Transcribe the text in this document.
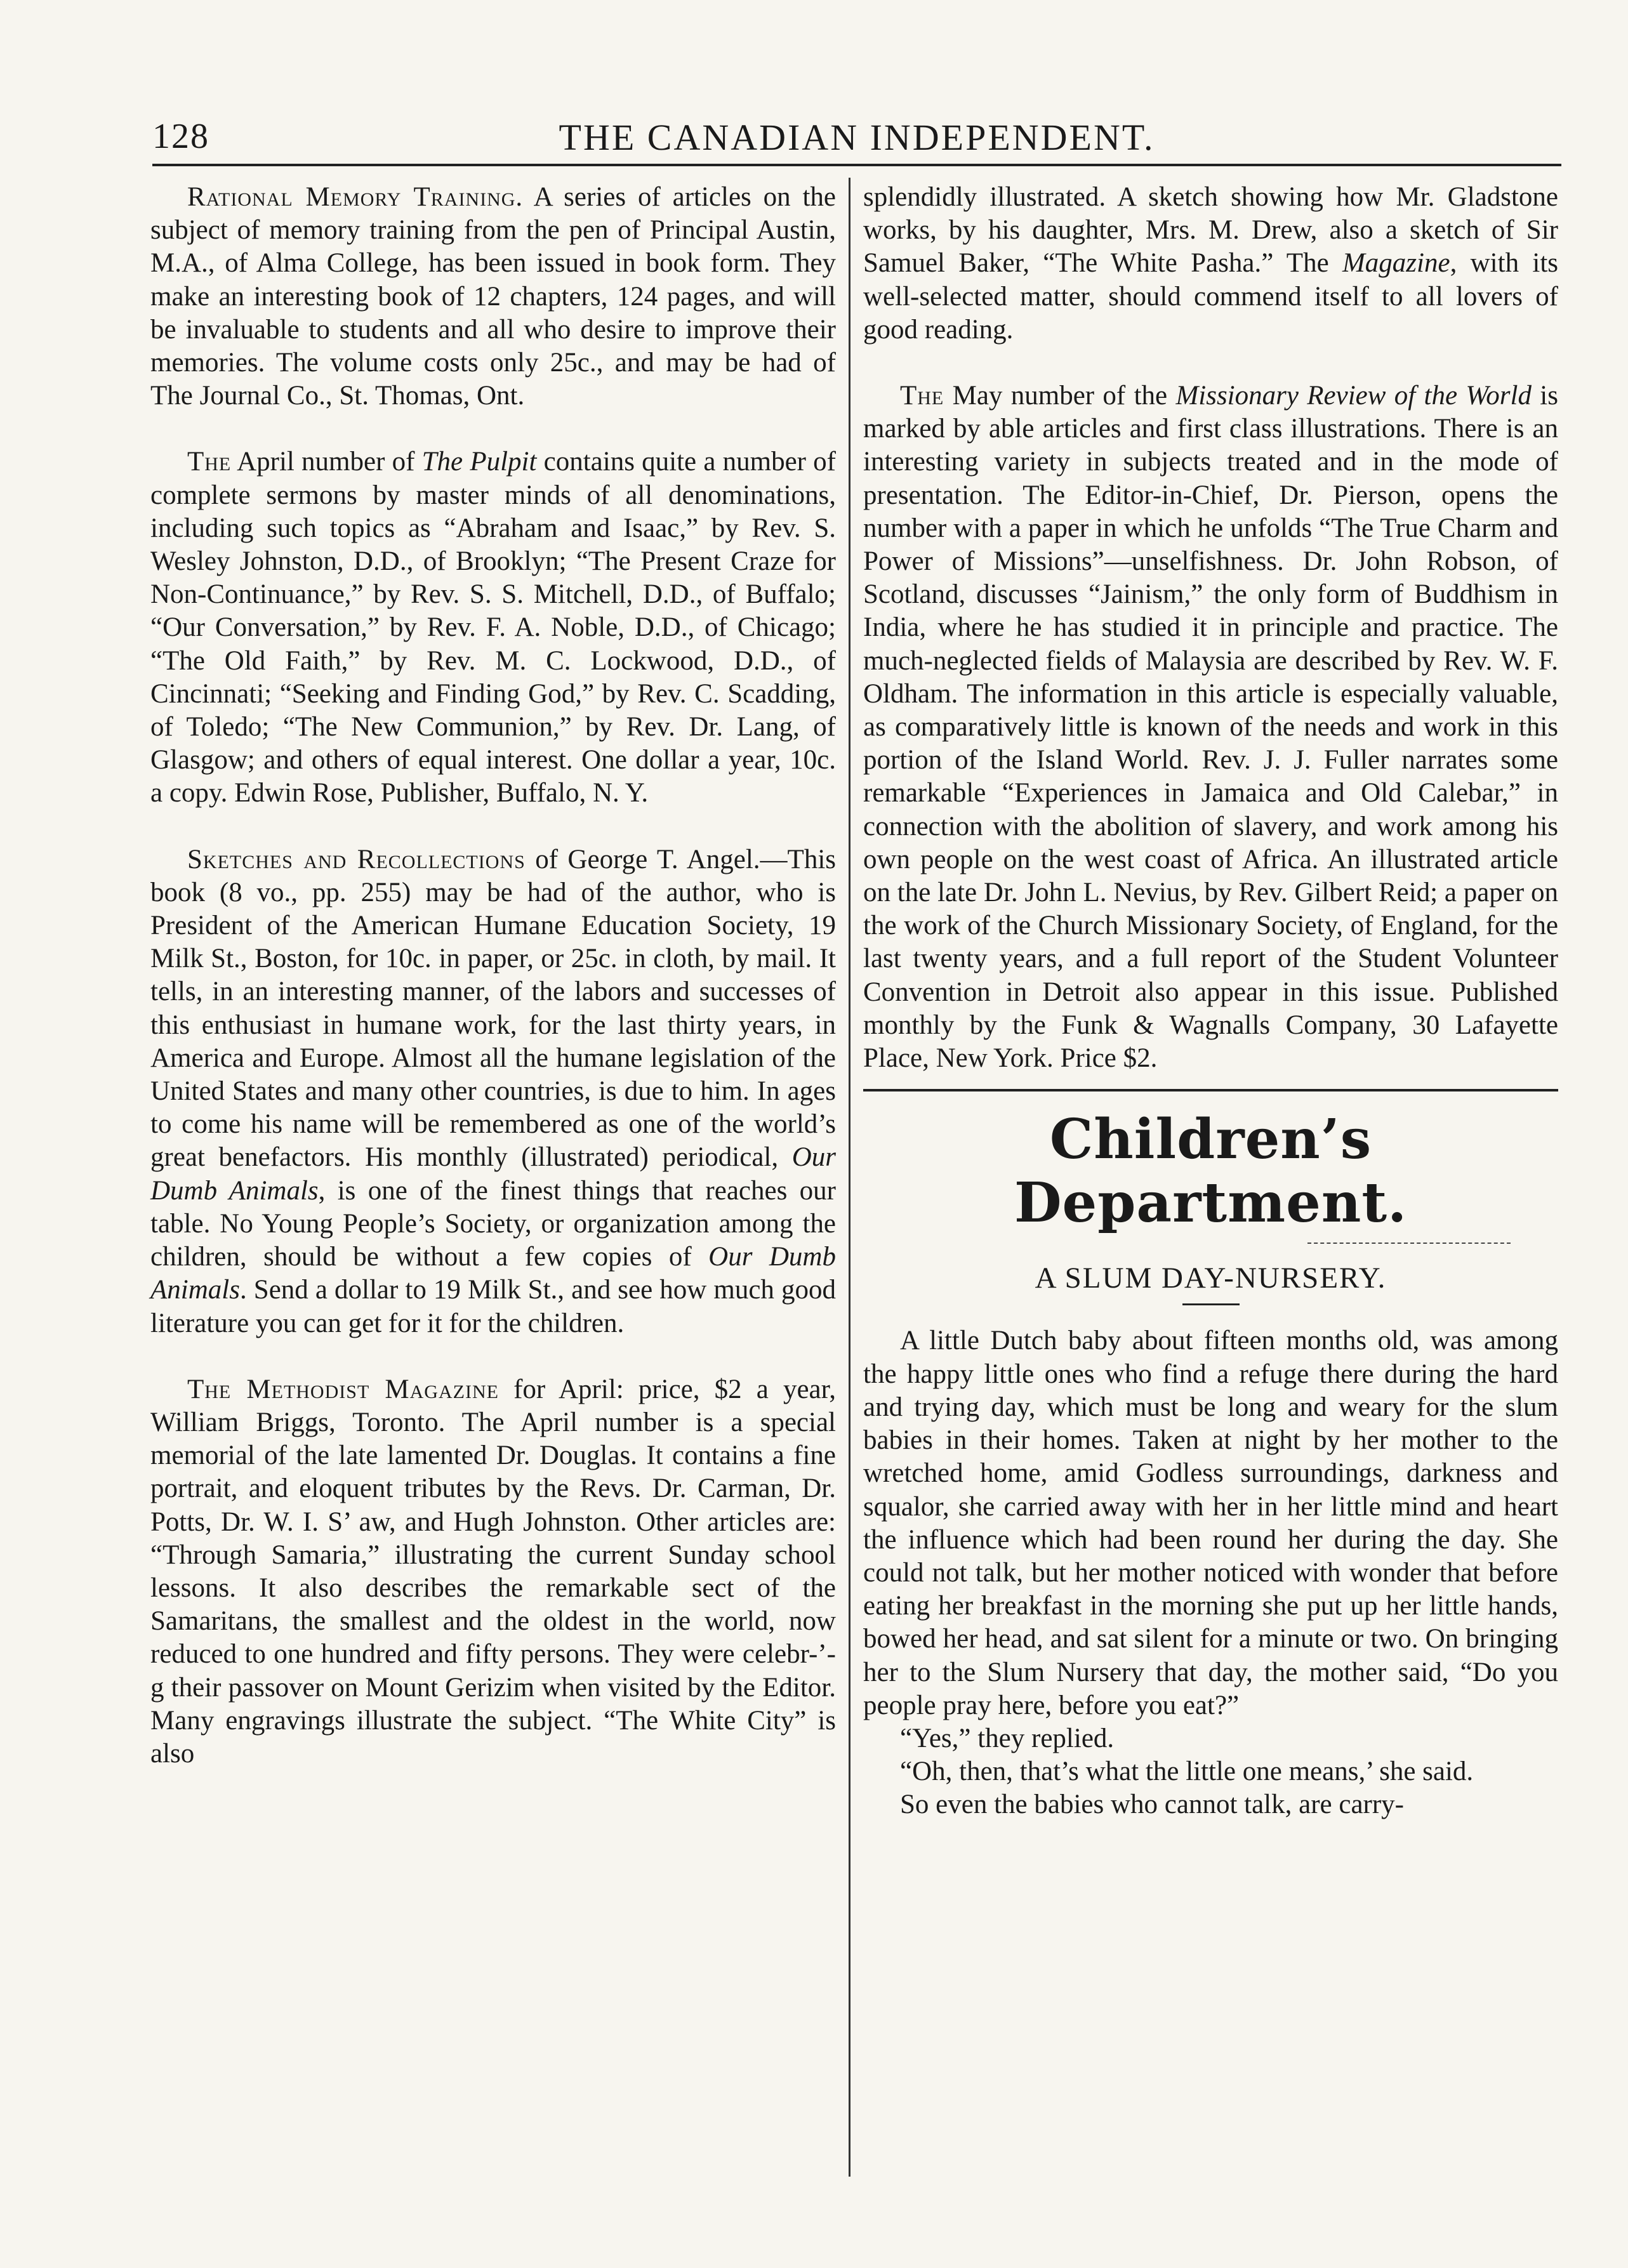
128	THE CANADIAN INDEPENDENT.

Rational Memory Training. A series of articles on the subject of memory training from the pen of Principal Austin, M.A., of Alma College, has been issued in book form. They make an interesting book of 12 chapters, 124 pages, and will be invaluable to students and all who desire to improve their memories. The volume costs only 25c., and may be had of The Journal Co., St. Thomas, Ont.

The April number of The Pulpit contains quite a number of complete sermons by master minds of all denominations, including such topics as “Abraham and Isaac,” by Rev. S. Wesley Johnston, D.D., of Brooklyn; “The Present Craze for Non-Continuance,” by Rev. S. S. Mitchell, D.D., of Buffalo; “Our Conversation,” by Rev. F. A. Noble, D.D., of Chicago; “The Old Faith,” by Rev. M. C. Lockwood, D.D., of Cincinnati; “Seeking and Finding God,” by Rev. C. Scadding, of Toledo; “The New Communion,” by Rev. Dr. Lang, of Glasgow; and others of equal interest. One dollar a year, 10c. a copy. Edwin Rose, Publisher, Buffalo, N. Y.

Sketches and Recollections of George T. Angel.—This book (8 vo., pp. 255) may be had of the author, who is President of the American Humane Education Society, 19 Milk St., Boston, for 10c. in paper, or 25c. in cloth, by mail. It tells, in an interesting manner, of the labors and successes of this enthusiast in humane work, for the last thirty years, in America and Europe. Almost all the humane legislation of the United States and many other countries, is due to him. In ages to come his name will be remembered as one of the world’s great benefactors. His monthly (illustrated) periodical, Our Dumb Animals, is one of the finest things that reaches our table. No Young People’s Society, or organization among the children, should be without a few copies of Our Dumb Animals. Send a dollar to 19 Milk St., and see how much good literature you can get for it for the children.

The Methodist Magazine for April: price, $2 a year, William Briggs, Toronto. The April number is a special memorial of the late lamented Dr. Douglas. It contains a fine portrait, and eloquent tributes by the Revs. Dr. Carman, Dr. Potts, Dr. W. I. S’ aw, and Hugh Johnston. Other articles are: “Through Samaria,” illustrating the current Sunday school lessons. It also describes the remarkable sect of the Samaritans, the smallest and the oldest in the world, now reduced to one hundred and fifty persons. They were celebr-’-g their passover on Mount Gerizim when visited by the Editor. Many engravings illustrate the subject. “The White City” is also

splendidly illustrated. A sketch showing how Mr. Gladstone works, by his daughter, Mrs. M. Drew, also a sketch of Sir Samuel Baker, “The White Pasha.” The Magazine, with its well-selected matter, should commend itself to all lovers of good reading.

The May number of the Missionary Review of the World is marked by able articles and first class illustrations. There is an interesting variety in subjects treated and in the mode of presentation. The Editor-in-Chief, Dr. Pierson, opens the number with a paper in which he unfolds “The True Charm and Power of Missions”—unselfishness. Dr. John Robson, of Scotland, discusses “Jainism,” the only form of Buddhism in India, where he has studied it in principle and practice. The much-neglected fields of Malaysia are described by Rev. W. F. Oldham. The information in this article is especially valuable, as comparatively little is known of the needs and work in this portion of the Island World. Rev. J. J. Fuller narrates some remarkable “Experiences in Jamaica and Old Calebar,” in connection with the abolition of slavery, and work among his own people on the west coast of Africa. An illustrated article on the late Dr. John L. Nevius, by Rev. Gilbert Reid; a paper on the work of the Church Missionary Society, of England, for the last twenty years, and a full report of the Student Volunteer Convention in Detroit also appear in this issue. Published monthly by the Funk & Wagnalls Company, 30 Lafayette Place, New York. Price $2.

Children’s Department.
A SLUM DAY-NURSERY.

A little Dutch baby about fifteen months old, was among the happy little ones who find a refuge there during the hard and trying day, which must be long and weary for the slum babies in their homes. Taken at night by her mother to the wretched home, amid Godless surroundings, darkness and squalor, she carried away with her in her little mind and heart the influence which had been round her during the day. She could not talk, but her mother noticed with wonder that before eating her breakfast in the morning she put up her little hands, bowed her head, and sat silent for a minute or two. On bringing her to the Slum Nursery that day, the mother said, “Do you people pray here, before you eat?”

“Yes,” they replied.

“Oh, then, that’s what the little one means,’ she said.

So even the babies who cannot talk, are carry-
